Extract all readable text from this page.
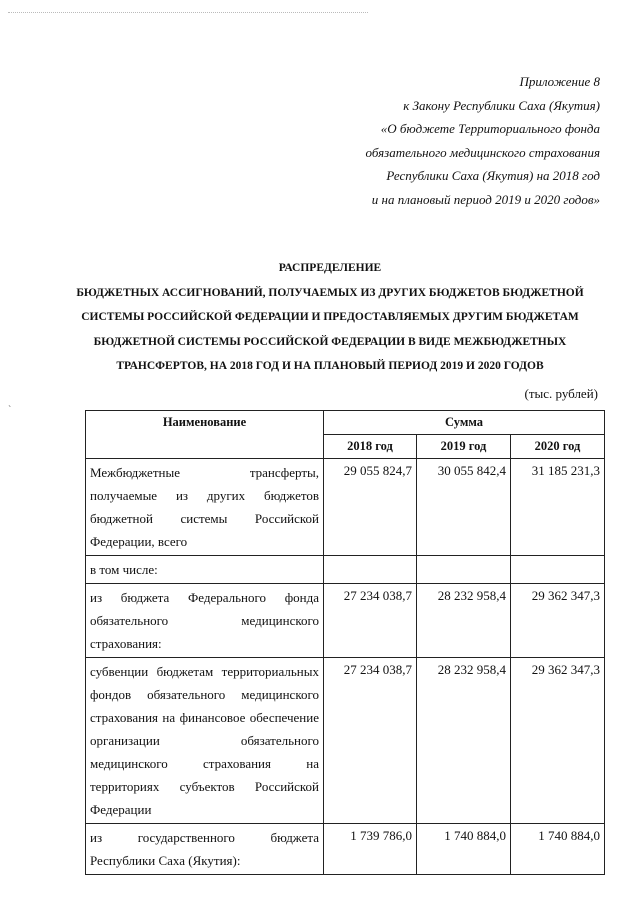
`
Приложение 8
к Закону Республики Саха (Якутия)
«О бюджете Территориального фонда
обязательного медицинского страхования
Республики Саха (Якутия) на 2018 год
и на плановый период 2019 и 2020 годов»
РАСПРЕДЕЛЕНИЕ
БЮДЖЕТНЫХ АССИГНОВАНИЙ, ПОЛУЧАЕМЫХ ИЗ ДРУГИХ БЮДЖЕТОВ БЮДЖЕТНОЙ
СИСТЕМЫ РОССИЙСКОЙ ФЕДЕРАЦИИ И ПРЕДОСТАВЛЯЕМЫХ ДРУГИМ БЮДЖЕТАМ
БЮДЖЕТНОЙ СИСТЕМЫ РОССИЙСКОЙ ФЕДЕРАЦИИ В ВИДЕ МЕЖБЮДЖЕТНЫХ
ТРАНСФЕРТОВ, НА 2018 ГОД И НА ПЛАНОВЫЙ ПЕРИОД 2019 И 2020 ГОДОВ
(тыс. рублей)
Наименование	Сумма		
	2018 год	2019 год	2020 год
Межбюджетные трансферты, получаемые из других бюджетов бюджетной системы Российской Федерации, всего	29 055 824,7	30 055 842,4	31 185 231,3
в том числе:			
из бюджета Федерального фонда обязательного медицинского страхования:	27 234 038,7	28 232 958,4	29 362 347,3
субвенции бюджетам территориальных фондов обязательного медицинского страхования на финансовое обеспечение организации обязательного медицинского страхования на территориях субъектов Российской Федерации	27 234 038,7	28 232 958,4	29 362 347,3
из государственного бюджета Республики Саха (Якутия):	1 739 786,0	1 740 884,0	1 740 884,0
